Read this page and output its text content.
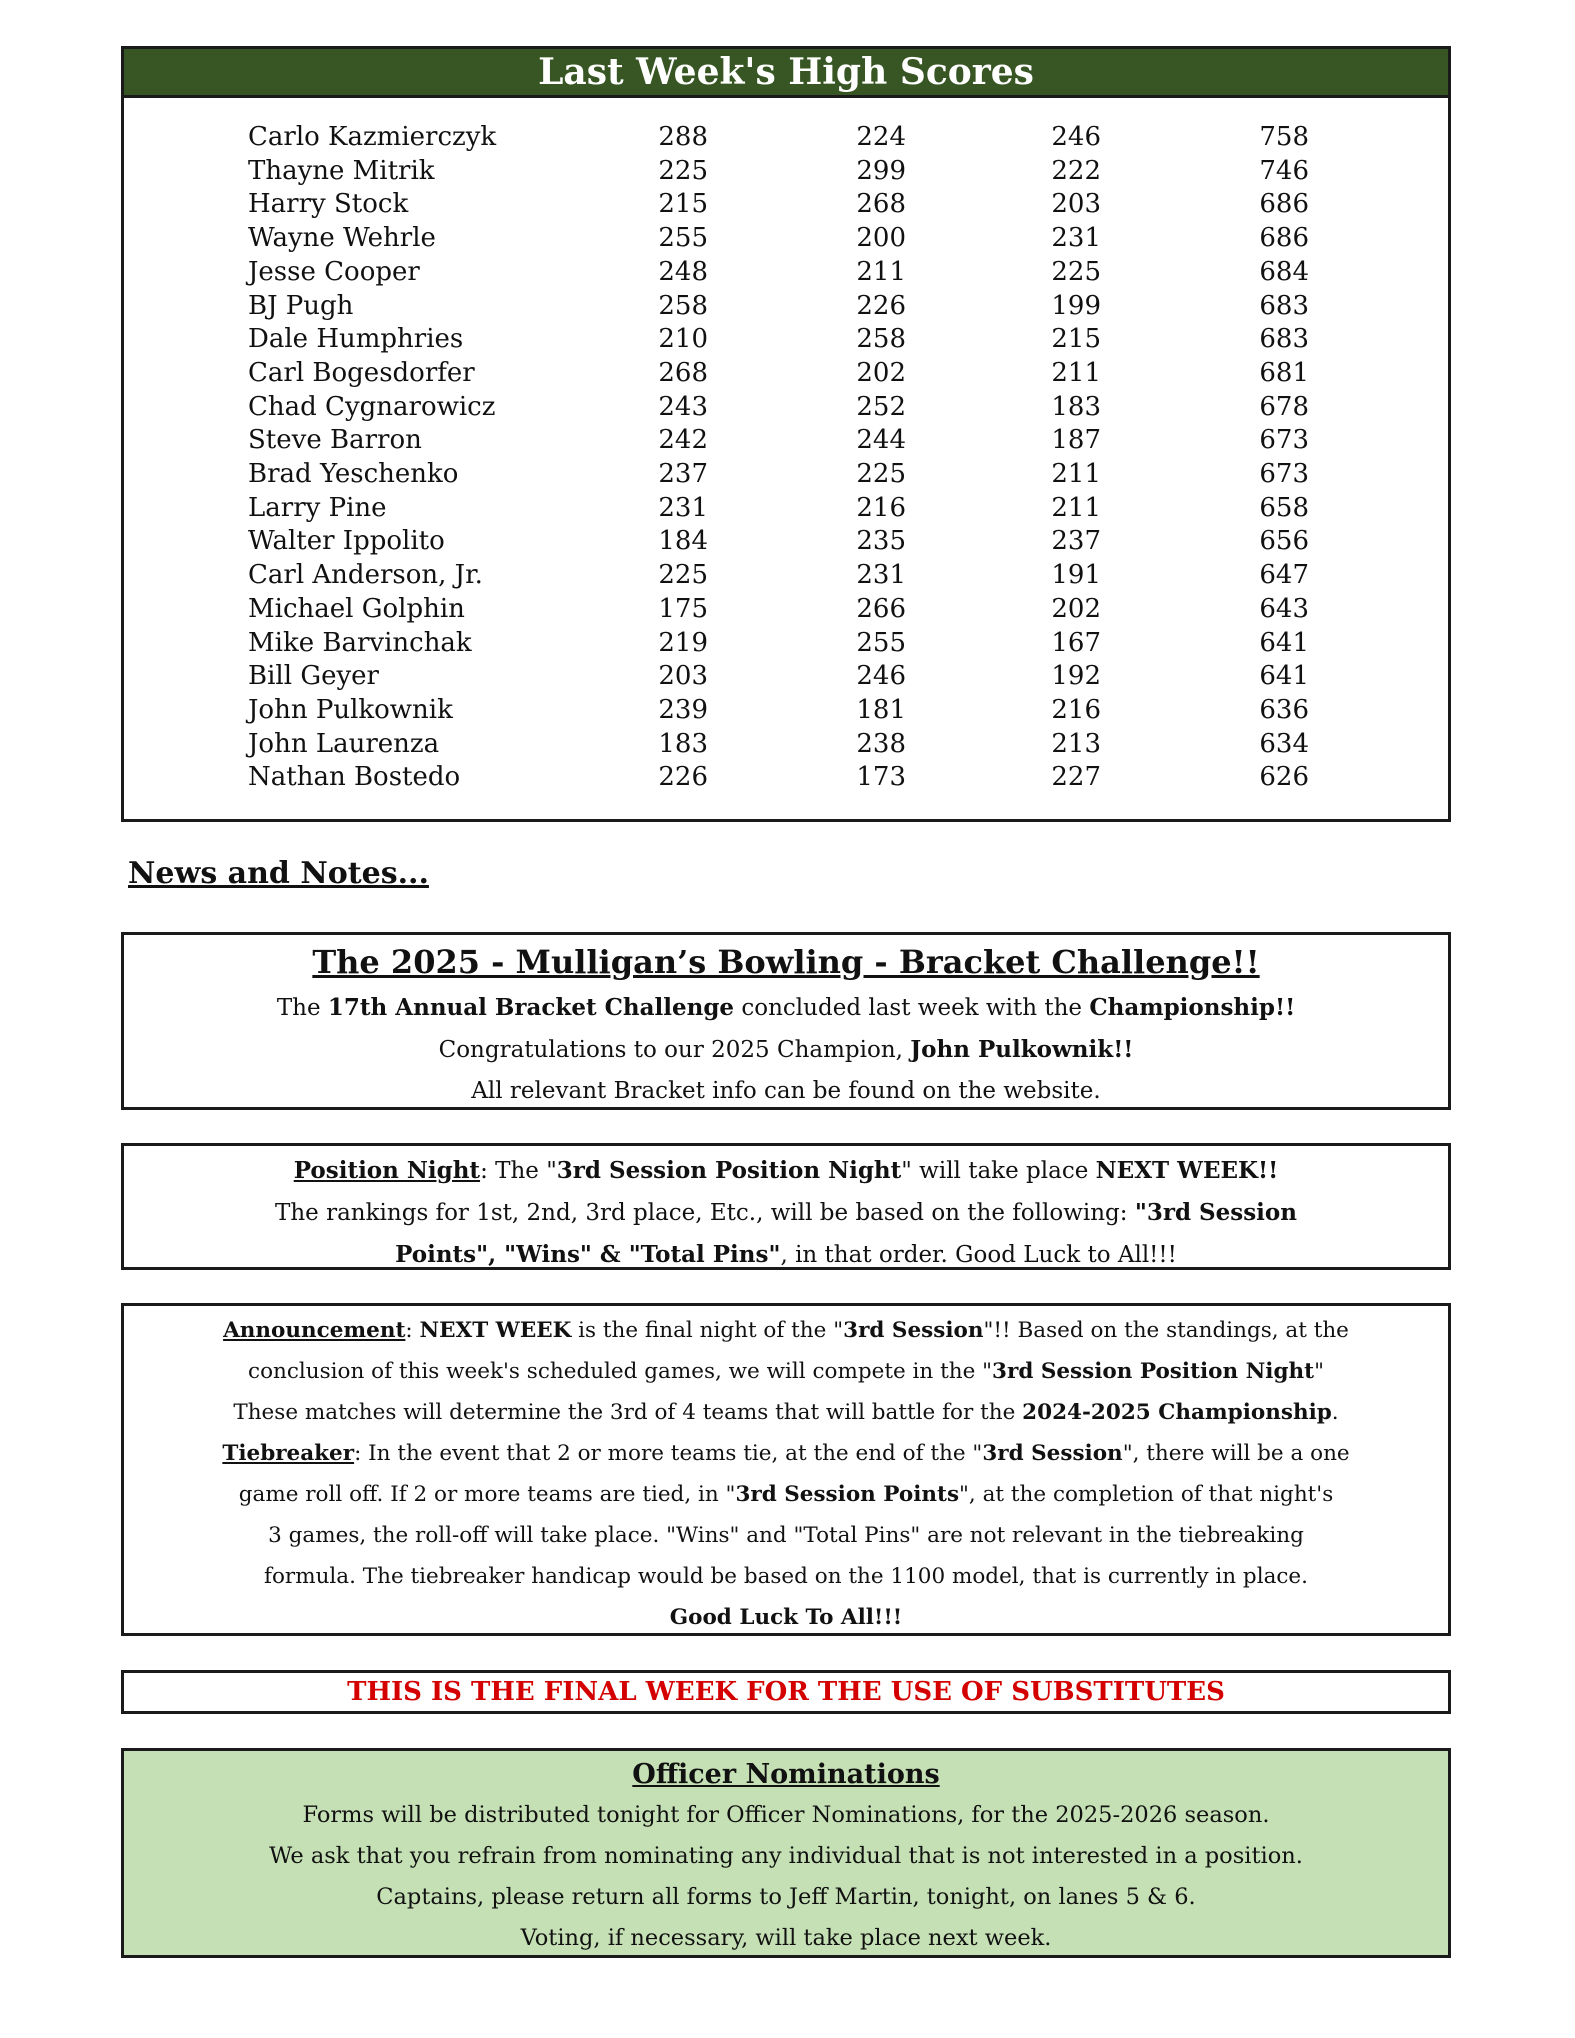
Last Week's High Scores
Carlo Kazmierczyk	288	224	246	758	
Thayne Mitrik	225	299	222	746	
Harry Stock	215	268	203	686	
Wayne Wehrle	255	200	231	686	
Jesse Cooper	248	211	225	684	
BJ Pugh	258	226	199	683	
Dale Humphries	210	258	215	683	
Carl Bogesdorfer	268	202	211	681	
Chad Cygnarowicz	243	252	183	678	
Steve Barron	242	244	187	673	
Brad Yeschenko	237	225	211	673	
Larry Pine	231	216	211	658	
Walter Ippolito	184	235	237	656	
Carl Anderson, Jr.	225	231	191	647	
Michael Golphin	175	266	202	643	
Mike Barvinchak	219	255	167	641	
Bill Geyer	203	246	192	641	
John Pulkownik	239	181	216	636	
John Laurenza	183	238	213	634	
Nathan Bostedo	226	173	227	626	
News and Notes...
The 2025 - Mulligan’s Bowling - Bracket Challenge!!
The 17th Annual Bracket Challenge concluded last week with the Championship!!
Congratulations to our 2025 Champion, John Pulkownik!!
All relevant Bracket info can be found on the website.
Position Night: The "3rd Session Position Night" will take place NEXT WEEK!!
The rankings for 1st, 2nd, 3rd place, Etc., will be based on the following: "3rd Session
Points", "Wins" & "Total Pins", in that order. Good Luck to All!!!
Announcement: NEXT WEEK is the final night of the "3rd Session"!! Based on the standings, at the
conclusion of this week's scheduled games, we will compete in the "3rd Session Position Night"
These matches will determine the 3rd of 4 teams that will battle for the 2024-2025 Championship.
Tiebreaker: In the event that 2 or more teams tie, at the end of the "3rd Session", there will be a one
game roll off. If 2 or more teams are tied, in "3rd Session Points", at the completion of that night's
3 games, the roll-off will take place. "Wins" and "Total Pins" are not relevant in the tiebreaking
formula. The tiebreaker handicap would be based on the 1100 model, that is currently in place.
Good Luck To All!!!
THIS IS THE FINAL WEEK FOR THE USE OF SUBSTITUTES
Officer Nominations
Forms will be distributed tonight for Officer Nominations, for the 2025-2026 season.
We ask that you refrain from nominating any individual that is not interested in a position.
Captains, please return all forms to Jeff Martin, tonight, on lanes 5 & 6.
Voting, if necessary, will take place next week.
